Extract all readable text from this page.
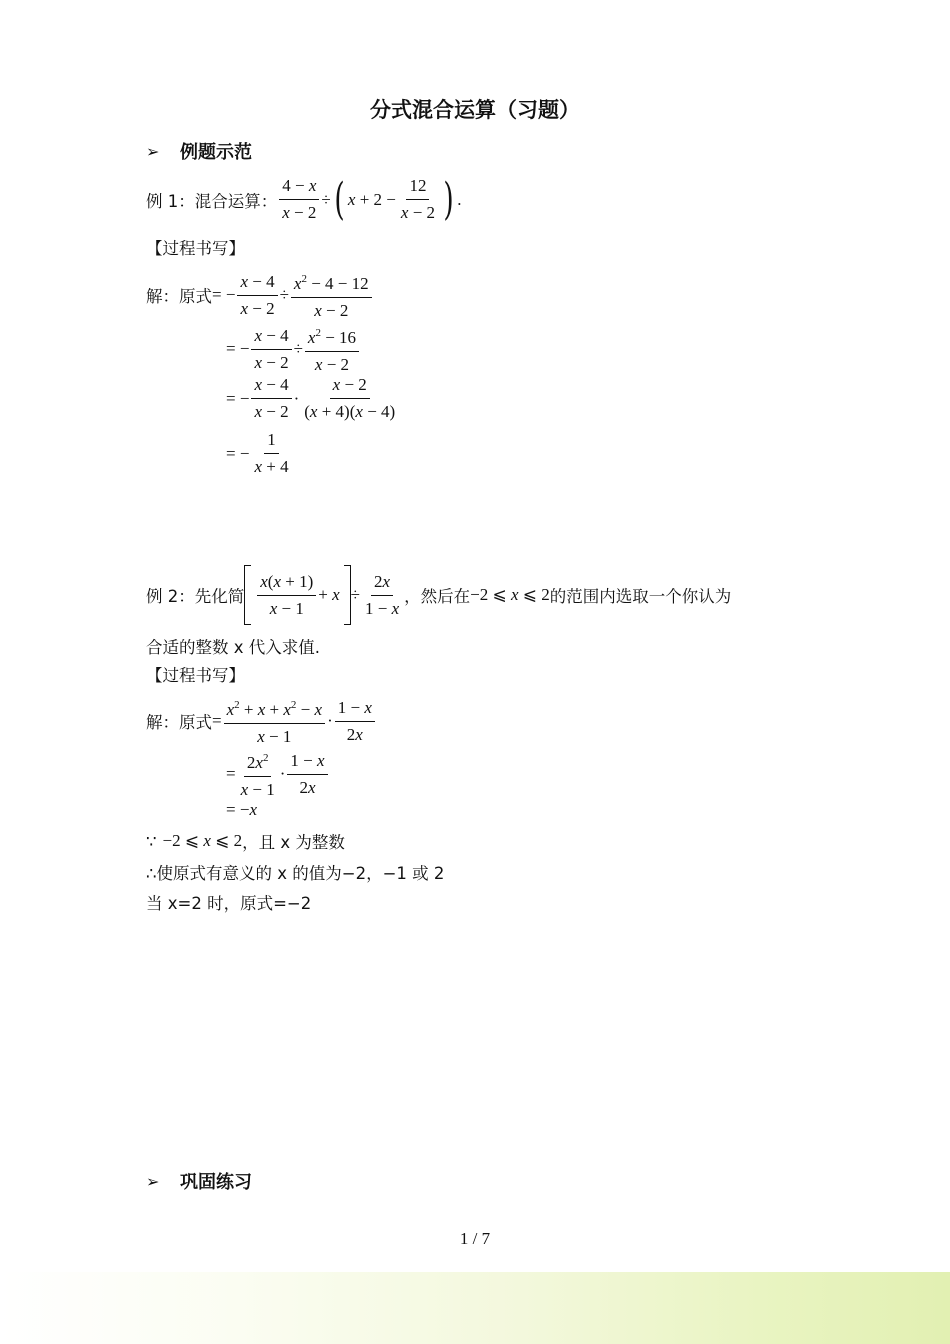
分式混合运算（习题）
➢	例题示范
例 1：混合运算： $\frac{4 - x}{x - 2}$ ÷ ( $x + 2 - \frac{12}{x - 2}$ ) .
【过程书写】
解：原式 = − $\frac{x - 4}{x - 2} \div \frac{x^2 - 4 - 12}{x - 2}$
= − $\frac{x - 4}{x - 2} \div \frac{x^2 - 16}{x - 2}$
= − $\frac{x - 4}{x - 2} \cdot \frac{x - 2}{(x + 4)(x - 4)}$
= − $\frac{1}{x + 4}$
例 2：先化简 $\frac{x(x + 1)}{x - 1} + x \div \frac{2x}{1 - x}$ ，然后在 −2 ⩽ x ⩽ 2 的范围内选取一个你认为
合适的整数 x 代入求值.
【过程书写】
解：原式 = $\frac{x^2 + x + x^2 - x}{x - 1} \cdot \frac{1 - x}{2x}$
= $\frac{2x^2}{x - 1} \cdot \frac{1 - x}{2x}$
= −x
∵ −2 ⩽ x ⩽ 2 ，且 x 为整数
∴使原式有意义的 x 的值为−2，−1 或 2
当 x=2 时，原式=−2
➢	巩固练习
1 / 7
